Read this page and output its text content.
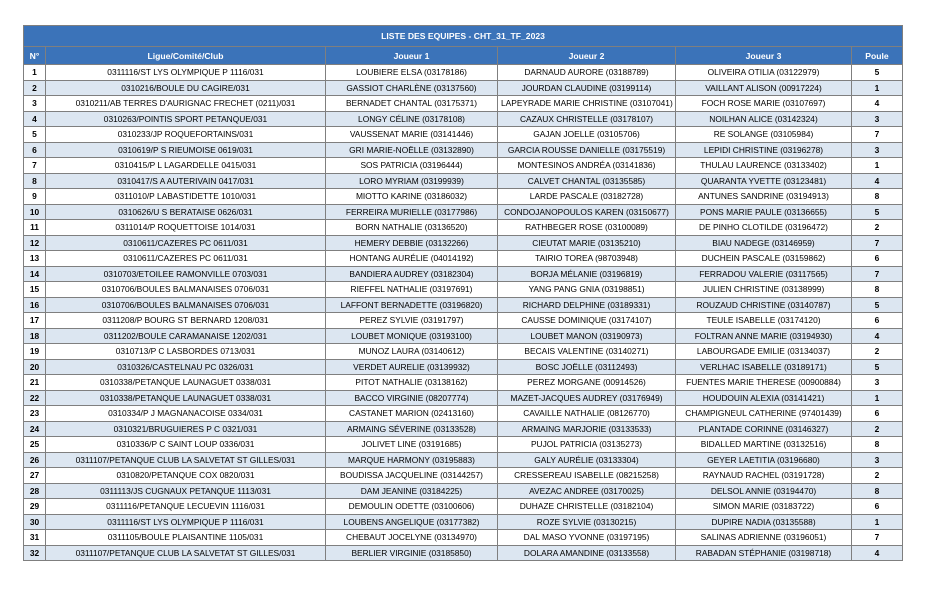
LISTE DES EQUIPES - CHT_31_TF_2023					
N°	Ligue/Comité/Club	Joueur 1	Joueur 2	Joueur 3	Poule
1	0311116/ST LYS OLYMPIQUE P 1116/031	LOUBIERE ELSA (03178186)	DARNAUD AURORE (03188789)	OLIVEIRA OTILIA (03122979)	5
2	0310216/BOULE DU CAGIRE/031	GASSIOT CHARLÈNE (03137560)	JOURDAN CLAUDINE (03199114)	VAILLANT ALISON (00917224)	1
3	0310211/AB TERRES D'AURIGNAC FRECHET (0211)/031	BERNADET CHANTAL (03175371)	LAPEYRADE MARIE CHRISTINE (03107041)	FOCH ROSE MARIE (03107697)	4
4	0310263/POINTIS SPORT PETANQUE/031	LONGY CÉLINE (03178108)	CAZAUX CHRISTELLE (03178107)	NOILHAN ALICE (03142324)	3
5	0310233/JP ROQUEFORTAINS/031	VAUSSENAT MARIE (03141446)	GAJAN JOELLE (03105706)	RE SOLANGE (03105984)	7
6	0310619/P S RIEUMOISE 0619/031	GRI MARIE-NOËLLE (03132890)	GARCIA ROUSSE DANIELLE (03175519)	LEPIDI CHRISTINE (03196278)	3
7	0310415/P L LAGARDELLE 0415/031	SOS PATRICIA (03196444)	MONTESINOS ANDRÉA (03141836)	THULAU LAURENCE (03133402)	1
8	0310417/S A AUTERIVAIN 0417/031	LORO MYRIAM (03199939)	CALVET CHANTAL (03135585)	QUARANTA YVETTE (03123481)	4
9	0311010/P LABASTIDETTE 1010/031	MIOTTO KARINE (03186032)	LARDE PASCALE (03182728)	ANTUNES SANDRINE (03194913)	8
10	0310626/U S BERATAISE 0626/031	FERREIRA MURIELLE (03177986)	CONDOJANOPOULOS KAREN (03150677)	PONS MARIE PAULE (03136655)	5
11	0311014/P ROQUETTOISE 1014/031	BORN NATHALIE (03136520)	RATHBEGER ROSE (03100089)	DE PINHO CLOTILDE (03196472)	2
12	0310611/CAZERES PC 0611/031	HEMERY DEBBIE (03132266)	CIEUTAT MARIE (03135210)	BIAU NADEGE (03146959)	7
13	0310611/CAZERES PC 0611/031	HONTANG AURÉLIE (04014192)	TAIRIO TOREA (98703948)	DUCHEIN PASCALE (03159862)	6
14	0310703/ETOILEE RAMONVILLE 0703/031	BANDIERA AUDREY (03182304)	BORJA MÉLANIE (03196819)	FERRADOU VALERIE (03117565)	7
15	0310706/BOULES BALMANAISES 0706/031	RIEFFEL NATHALIE (03197691)	YANG PANG GNIA (03198851)	JULIEN CHRISTINE (03138999)	8
16	0310706/BOULES BALMANAISES 0706/031	LAFFONT BERNADETTE (03196820)	RICHARD DELPHINE (03189331)	ROUZAUD CHRISTINE (03140787)	5
17	0311208/P BOURG ST BERNARD 1208/031	PEREZ SYLVIE (03191797)	CAUSSE DOMINIQUE (03174107)	TEULE ISABELLE (03174120)	6
18	0311202/BOULE CARAMANAISE 1202/031	LOUBET MONIQUE (03193100)	LOUBET MANON (03190973)	FOLTRAN ANNE MARIE (03194930)	4
19	0310713/P C LASBORDES 0713/031	MUNOZ LAURA (03140612)	BECAIS VALENTINE (03140271)	LABOURGADE EMILIE (03134037)	2
20	0310326/CASTELNAU PC 0326/031	VERDET AURELIE (03139932)	BOSC JOËLLE (03112493)	VERLHAC ISABELLE (03189171)	5
21	0310338/PETANQUE LAUNAGUET 0338/031	PITOT NATHALIE (03138162)	PEREZ MORGANE (00914526)	FUENTES MARIE THERESE (00900884)	3
22	0310338/PETANQUE LAUNAGUET 0338/031	BACCO VIRGINIE (08207774)	MAZET-JACQUES AUDREY (03176949)	HOUDOUIN ALEXIA (03141421)	1
23	0310334/P J MAGNANACOISE 0334/031	CASTANET MARION (02413160)	CAVAILLE NATHALIE (08126770)	CHAMPIGNEUL CATHERINE (97401439)	6
24	0310321/BRUGUIERES P C 0321/031	ARMAING SÉVERINE (03133528)	ARMAING MARJORIE (03133533)	PLANTADE CORINNE (03146327)	2
25	0310336/P C SAINT LOUP 0336/031	JOLIVET LINE (03191685)	PUJOL PATRICIA (03135273)	BIDALLED MARTINE (03132516)	8
26	0311107/PETANQUE CLUB LA SALVETAT ST GILLES/031	MARQUE HARMONY (03195883)	GALY AURÉLIE (03133304)	GEYER LAETITIA (03196680)	3
27	0310820/PETANQUE COX 0820/031	BOUDISSA JACQUELINE (03144257)	CRESSEREAU ISABELLE (08215258)	RAYNAUD RACHEL (03191728)	2
28	0311113/JS CUGNAUX PETANQUE 1113/031	DAM JEANINE (03184225)	AVEZAC ANDREE (03170025)	DELSOL ANNIE (03194470)	8
29	0311116/PETANQUE LECUEVIN 1116/031	DEMOULIN ODETTE (03100606)	DUHAZE CHRISTELLE (03182104)	SIMON MARIE (03183722)	6
30	0311116/ST LYS OLYMPIQUE P 1116/031	LOUBENS ANGELIQUE (03177382)	ROZE SYLVIE (03130215)	DUPIRE NADIA (03135588)	1
31	0311105/BOULE PLAISANTINE 1105/031	CHEBAUT JOCELYNE (03134970)	DAL MASO YVONNE (03197195)	SALINAS ADRIENNE (03196051)	7
32	0311107/PETANQUE CLUB LA SALVETAT ST GILLES/031	BERLIER VIRGINIE (03185850)	DOLARA AMANDINE (03133558)	RABADAN STÉPHANIE (03198718)	4
